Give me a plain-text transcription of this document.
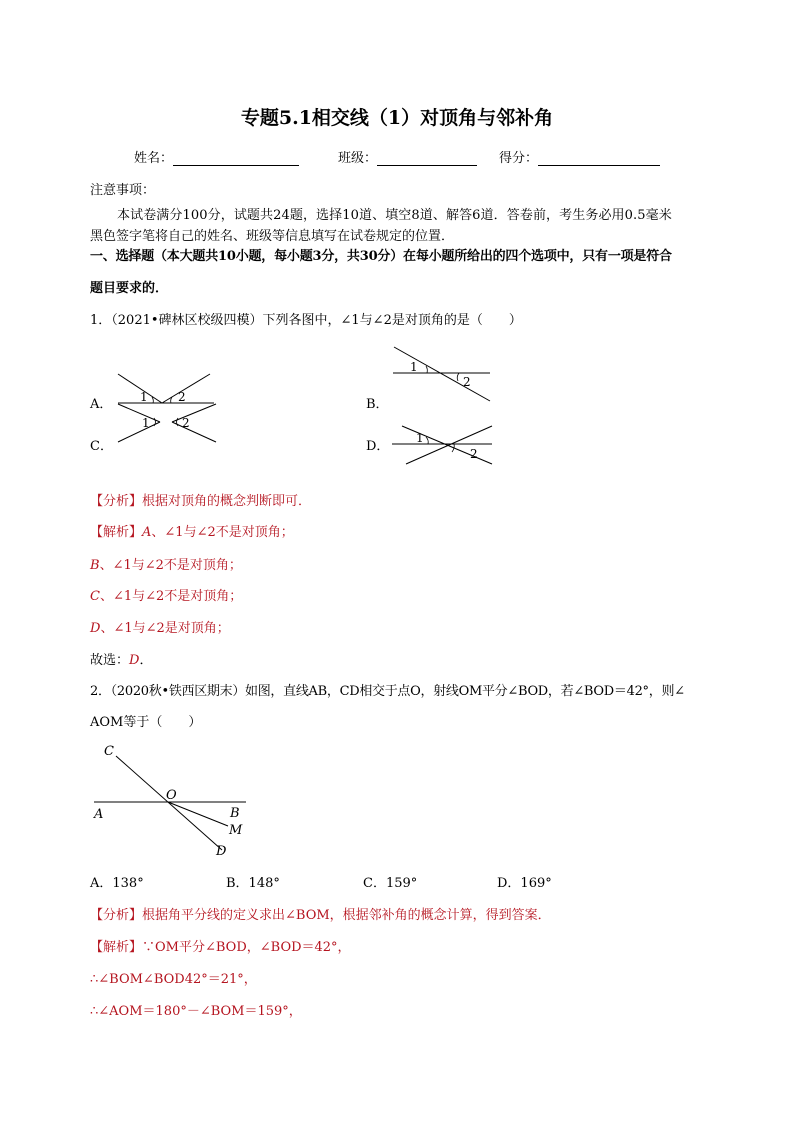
专题5.1相交线（1）对顶角与邻补角
姓名：	班级：	得分：
注意事项：
本试卷满分100分，试题共24题，选择10道、填空8道、解答6道．答卷前，考生务必用0.5毫米
黑色签字笔将自己的姓名、班级等信息填写在试卷规定的位置．
一、选择题（本大题共10小题，每小题3分，共30分）在每小题所给出的四个选项中，只有一项是符合
题目要求的．
1．（2021•碑林区校级四模）下列各图中，∠1与∠2是对顶角的是（　　）
A． 1	2	B．
1
2
C．
1	2
D．
1
2
【分析】根据对顶角的概念判断即可．
【解析】A、∠1与∠2不是对顶角；
B、∠1与∠2不是对顶角；
C、∠1与∠2不是对顶角；
D、∠1与∠2是对顶角；
故选：D．
2．（2020秋•铁西区期末）如图，直线AB，CD相交于点O，射线OM平分∠BOD，若∠BOD＝42°，则∠
AOM等于（　　）
C
O
A	B
M
D
A．138°	B．148°	C．159°	D．169°
【分析】根据角平分线的定义求出∠BOM，根据邻补角的概念计算，得到答案．
【解析】∵OM平分∠BOD，∠BOD＝42°，
∴∠BOM∠BOD42°＝21°，
∴∠AOM＝180°－∠BOM＝159°，
